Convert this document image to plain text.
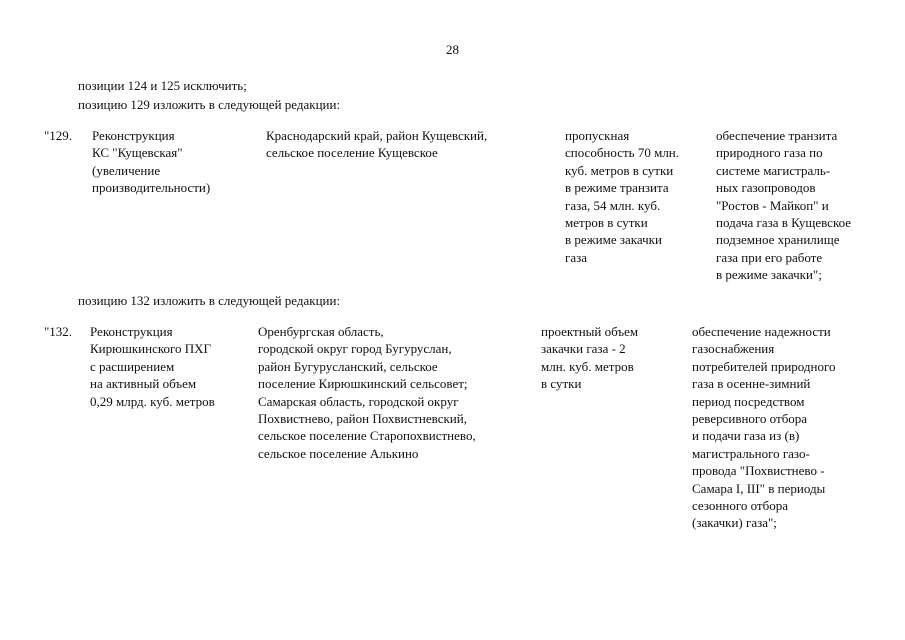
28
позиции 124 и 125 исключить;
позицию 129 изложить в следующей редакции:
"129. Реконструкция
КС "Кущевская"
(увеличение
производительности)
Краснодарский край, район Кущевский,
сельское поселение Кущевское
пропускная
способность 70 млн.
куб. метров в сутки
в режиме транзита
газа, 54 млн. куб.
метров в сутки
в режиме закачки
газа
обеспечение транзита
природного газа по
системе магистраль-
ных газопроводов
"Ростов - Майкоп" и
подача газа в Кущевское
подземное хранилище
газа при его работе
в режиме закачки";
позицию 132 изложить в следующей редакции:
"132. Реконструкция
Кирюшкинского ПХГ
с расширением
на активный объем
0,29 млрд. куб. метров
Оренбургская область,
городской округ город Бугуруслан,
район Бугурусланский, сельское
поселение Кирюшкинский сельсовет;
Самарская область, городской округ
Похвистнево, район Похвистневский,
сельское поселение Старопохвистнево,
сельское поселение Алькино
проектный объем
закачки газа - 2
млн. куб. метров
в сутки
обеспечение надежности
газоснабжения
потребителей природного
газа в осенне-зимний
период посредством
реверсивного отбора
и подачи газа из (в)
магистрального газо-
провода "Похвистнево -
Самара I, III" в периоды
сезонного отбора
(закачки) газа";
